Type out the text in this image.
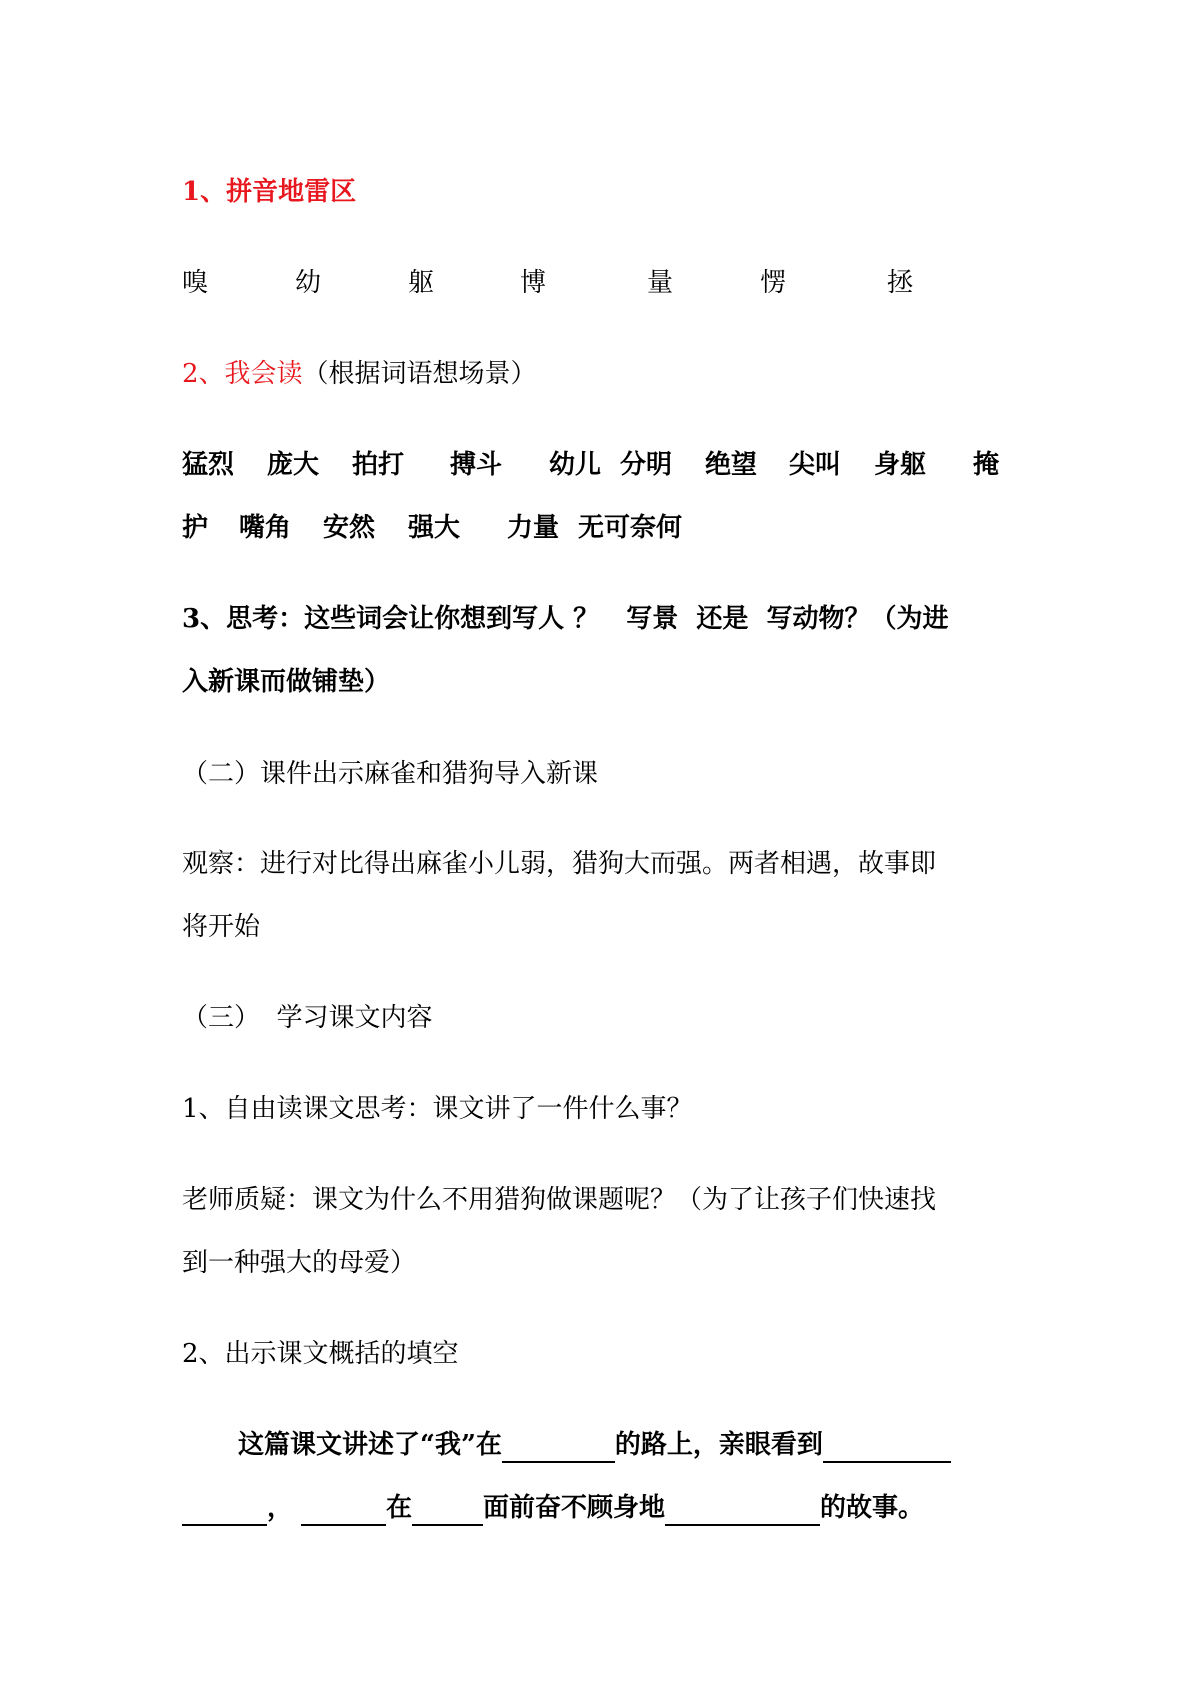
1、拼音地雷区
嗅	幼	躯	博	量	愣	拯
2、我会读（根据词语想场景）
猛烈 庞大 拍打 搏斗 幼儿 分明 绝望 尖叫 身躯 掩
护 嘴角 安然 强大 力量 无可奈何
3、思考：这些词会让你想到写人 ？   写景  还是  写动物？（为进
入新课而做铺垫）
（二）课件出示麻雀和猎狗导入新课
观察：进行对比得出麻雀小儿弱，猎狗大而强。两者相遇，故事即
将开始
（三）  学习课文内容
1、自由读课文思考：课文讲了一件什么事？
老师质疑：课文为什么不用猎狗做课题呢？（为了让孩子们快速找
到一种强大的母爱）
2、出示课文概括的填空
这篇课文讲述了“我”在	的路上，亲眼看到
，	在	面前奋不顾身地	的故事。
